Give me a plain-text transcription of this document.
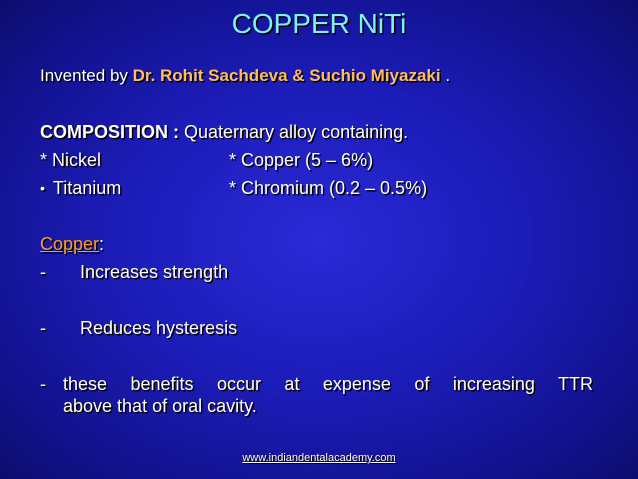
COPPER NiTi
Invented by Dr. Rohit Sachdeva & Suchio Miyazaki .
COMPOSITION : Quaternary alloy containing.
* Nickel	* Copper (5 – 6%)
• Titanium	* Chromium (0.2 – 0.5%)
Copper:
- Increases strength
- Reduces hysteresis
- these benefits occur at expense of increasing TTR
above that of oral cavity.
www.indiandentalacademy.com
